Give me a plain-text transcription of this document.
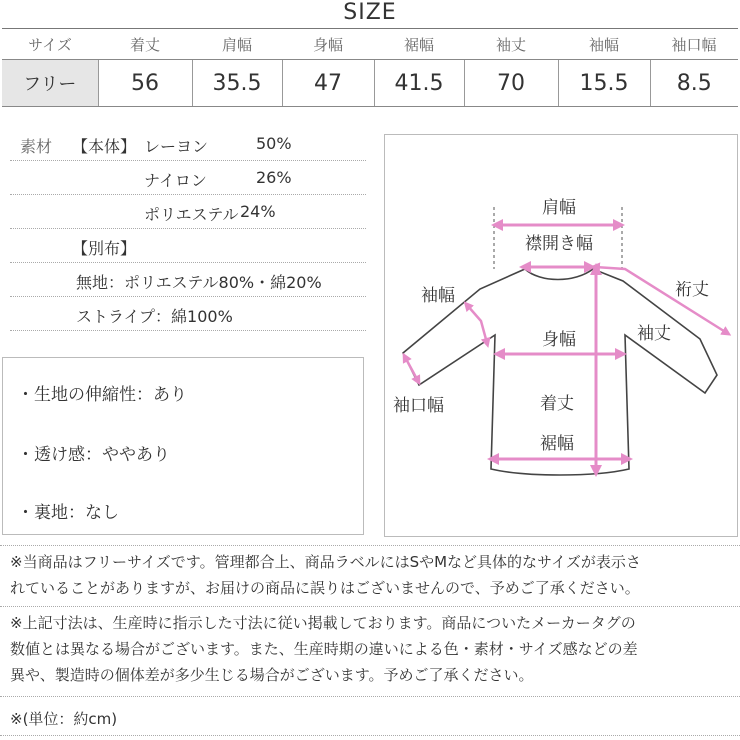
SIZE
サイズ	着丈	肩幅	身幅	裾幅	袖丈	袖幅	袖口幅
フリー	56	35.5	47	41.5	70	15.5	8.5
素材 【本体】 レーヨン	50%
ナイロン	26%
ポリエステル 24%
【別布】
無地：ポリエステル80%・綿20%
ストライプ：綿100%
・生地の伸縮性：あり
・透け感：ややあり
・裏地：なし
肩幅
襟開き幅
裄丈
袖幅
袖丈
身幅
袖口幅	着丈
裾幅
※当商品はフリーサイズです。管理都合上、商品ラベルにはSやMなど具体的なサイズが表示さ
れていることがありますが、お届けの商品に誤りはございませんので、予めご了承ください。
※上記寸法は、生産時に指示した寸法に従い掲載しております。商品についたメーカータグの
数値とは異なる場合がございます。また、生産時期の違いによる色・素材・サイズ感などの差
異や、製造時の個体差が多少生じる場合がございます。予めご了承ください。
※(単位：約cm)
